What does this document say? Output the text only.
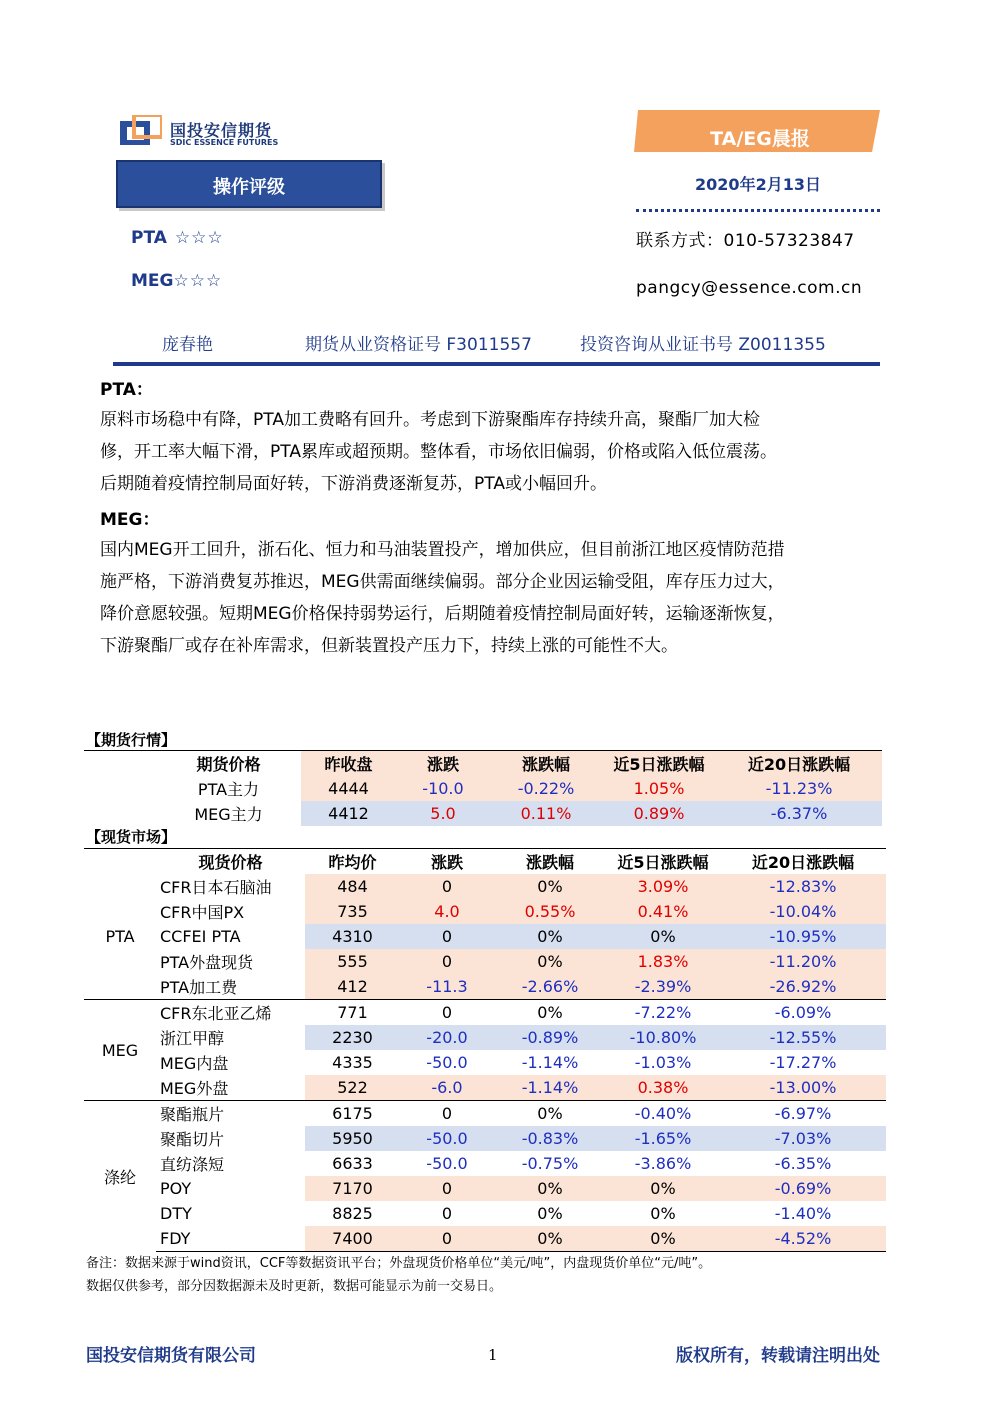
国投安信期货
SDIC ESSENCE FUTURES	TA/EG晨报
2020年2月13日
联系方式：010-57323847
pangcy@essence.com.cn
操作评级
PTA ☆☆☆
MEG☆☆☆
庞春艳	期货从业资格证号 F3011557	投资咨询从业证书号 Z0011355
PTA：
原料市场稳中有降，PTA加工费略有回升。考虑到下游聚酯库存持续升高，聚酯厂加大检
修，开工率大幅下滑，PTA累库或超预期。整体看，市场依旧偏弱，价格或陷入低位震荡。
后期随着疫情控制局面好转，下游消费逐渐复苏，PTA或小幅回升。
MEG：
国内MEG开工回升，浙石化、恒力和马油装置投产，增加供应，但目前浙江地区疫情防范措
施严格，下游消费复苏推迟，MEG供需面继续偏弱。部分企业因运输受阻，库存压力过大，
降价意愿较强。短期MEG价格保持弱势运行，后期随着疫情控制局面好转，运输逐渐恢复，
下游聚酯厂或存在补库需求，但新装置投产压力下，持续上涨的可能性不大。
【期货行情】
	期货价格	昨收盘	涨跌	涨跌幅	近5日涨跌幅	近20日涨跌幅
	PTA主力	4444	-10.0	-0.22%	1.05%	-11.23%
	MEG主力	4412	5.0	0.11%	0.89%	-6.37%
【现货市场】
	现货价格	昨均价	涨跌	涨跌幅	近5日涨跌幅	近20日涨跌幅
PTA	CFR日本石脑油	484	0	0%	3.09%	-12.83%
	CFR中国PX	735	4.0	0.55%	0.41%	-10.04%
	CCFEI PTA	4310	0	0%	0%	-10.95%
	PTA外盘现货	555	0	0%	1.83%	-11.20%
	PTA加工费	412	-11.3	-2.66%	-2.39%	-26.92%
MEG	CFR东北亚乙烯	771	0	0%	-7.22%	-6.09%
	浙江甲醇	2230	-20.0	-0.89%	-10.80%	-12.55%
	MEG内盘	4335	-50.0	-1.14%	-1.03%	-17.27%
	MEG外盘	522	-6.0	-1.14%	0.38%	-13.00%
涤纶	聚酯瓶片	6175	0	0%	-0.40%	-6.97%
	聚酯切片	5950	-50.0	-0.83%	-1.65%	-7.03%
	直纺涤短	6633	-50.0	-0.75%	-3.86%	-6.35%
	POY	7170	0	0%	0%	-0.69%
	DTY	8825	0	0%	0%	-1.40%
	FDY	7400	0	0%	0%	-4.52%
备注：数据来源于wind资讯，CCF等数据资讯平台；外盘现货价格单位“美元/吨”，内盘现货价单位“元/吨”。
数据仅供参考，部分因数据源未及时更新，数据可能显示为前一交易日。
国投安信期货有限公司	1	版权所有，转载请注明出处
